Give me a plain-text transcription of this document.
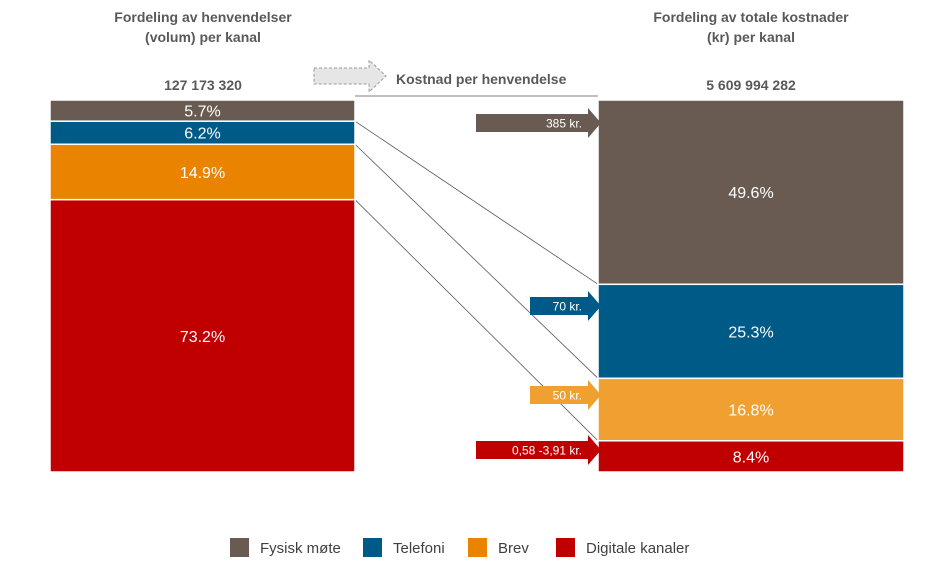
Fordeling av henvendelser
(volum) per kanal
127 173 320
Fordeling av totale kostnader
(kr) per kanal
5 609 994 282
Kostnad per henvendelse
5.7%
6.2%
14.9%
73.2%
49.6%
25.3%
16.8%
8.4%
385 kr.
70 kr.
50 kr.
0,58 -3,91 kr.
Fysisk møte	Telefoni	Brev	Digitale kanaler
